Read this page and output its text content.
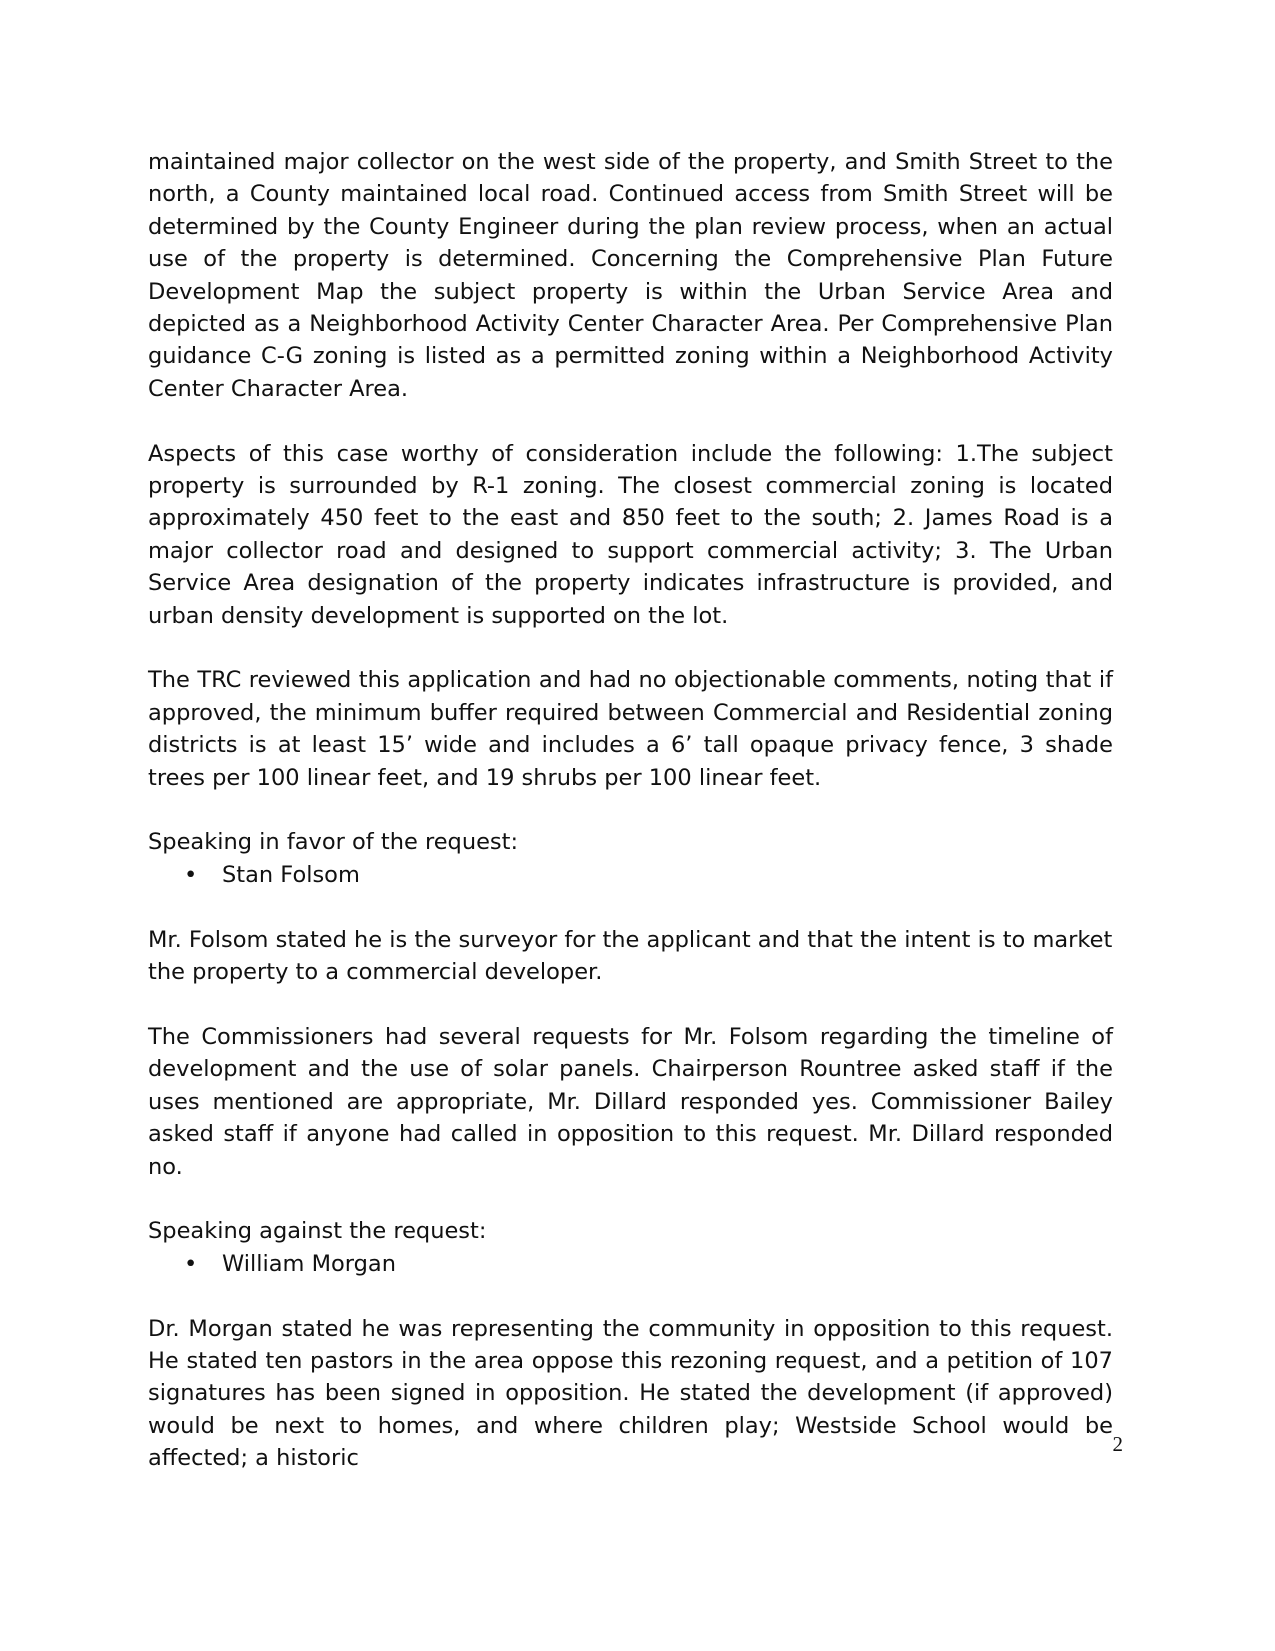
maintained major collector on the west side of the property, and Smith Street to the north, a County maintained local road. Continued access from Smith Street will be determined by the County Engineer during the plan review process, when an actual use of the property is determined. Concerning the Comprehensive Plan Future Development Map the subject property is within the Urban Service Area and depicted as a Neighborhood Activity Center Character Area. Per Comprehensive Plan guidance C-G zoning is listed as a permitted zoning within a Neighborhood Activity Center Character Area.

Aspects of this case worthy of consideration include the following: 1.The subject property is surrounded by R-1 zoning. The closest commercial zoning is located approximately 450 feet to the east and 850 feet to the south; 2. James Road is a major collector road and designed to support commercial activity; 3. The Urban Service Area designation of the property indicates infrastructure is provided, and urban density development is supported on the lot.

The TRC reviewed this application and had no objectionable comments, noting that if approved, the minimum buffer required between Commercial and Residential zoning districts is at least 15’ wide and includes a 6’ tall opaque privacy fence, 3 shade trees per 100 linear feet, and 19 shrubs per 100 linear feet.

Speaking in favor of the request:

• Stan Folsom

Mr. Folsom stated he is the surveyor for the applicant and that the intent is to market the property to a commercial developer.

The Commissioners had several requests for Mr. Folsom regarding the timeline of development and the use of solar panels. Chairperson Rountree asked staff if the uses mentioned are appropriate, Mr. Dillard responded yes. Commissioner Bailey asked staff if anyone had called in opposition to this request. Mr. Dillard responded no.

Speaking against the request:

• William Morgan

Dr. Morgan stated he was representing the community in opposition to this request. He stated ten pastors in the area oppose this rezoning request, and a petition of 107 signatures has been signed in opposition. He stated the development (if approved) would be next to homes, and where children play; Westside School would be affected; a historic

2
